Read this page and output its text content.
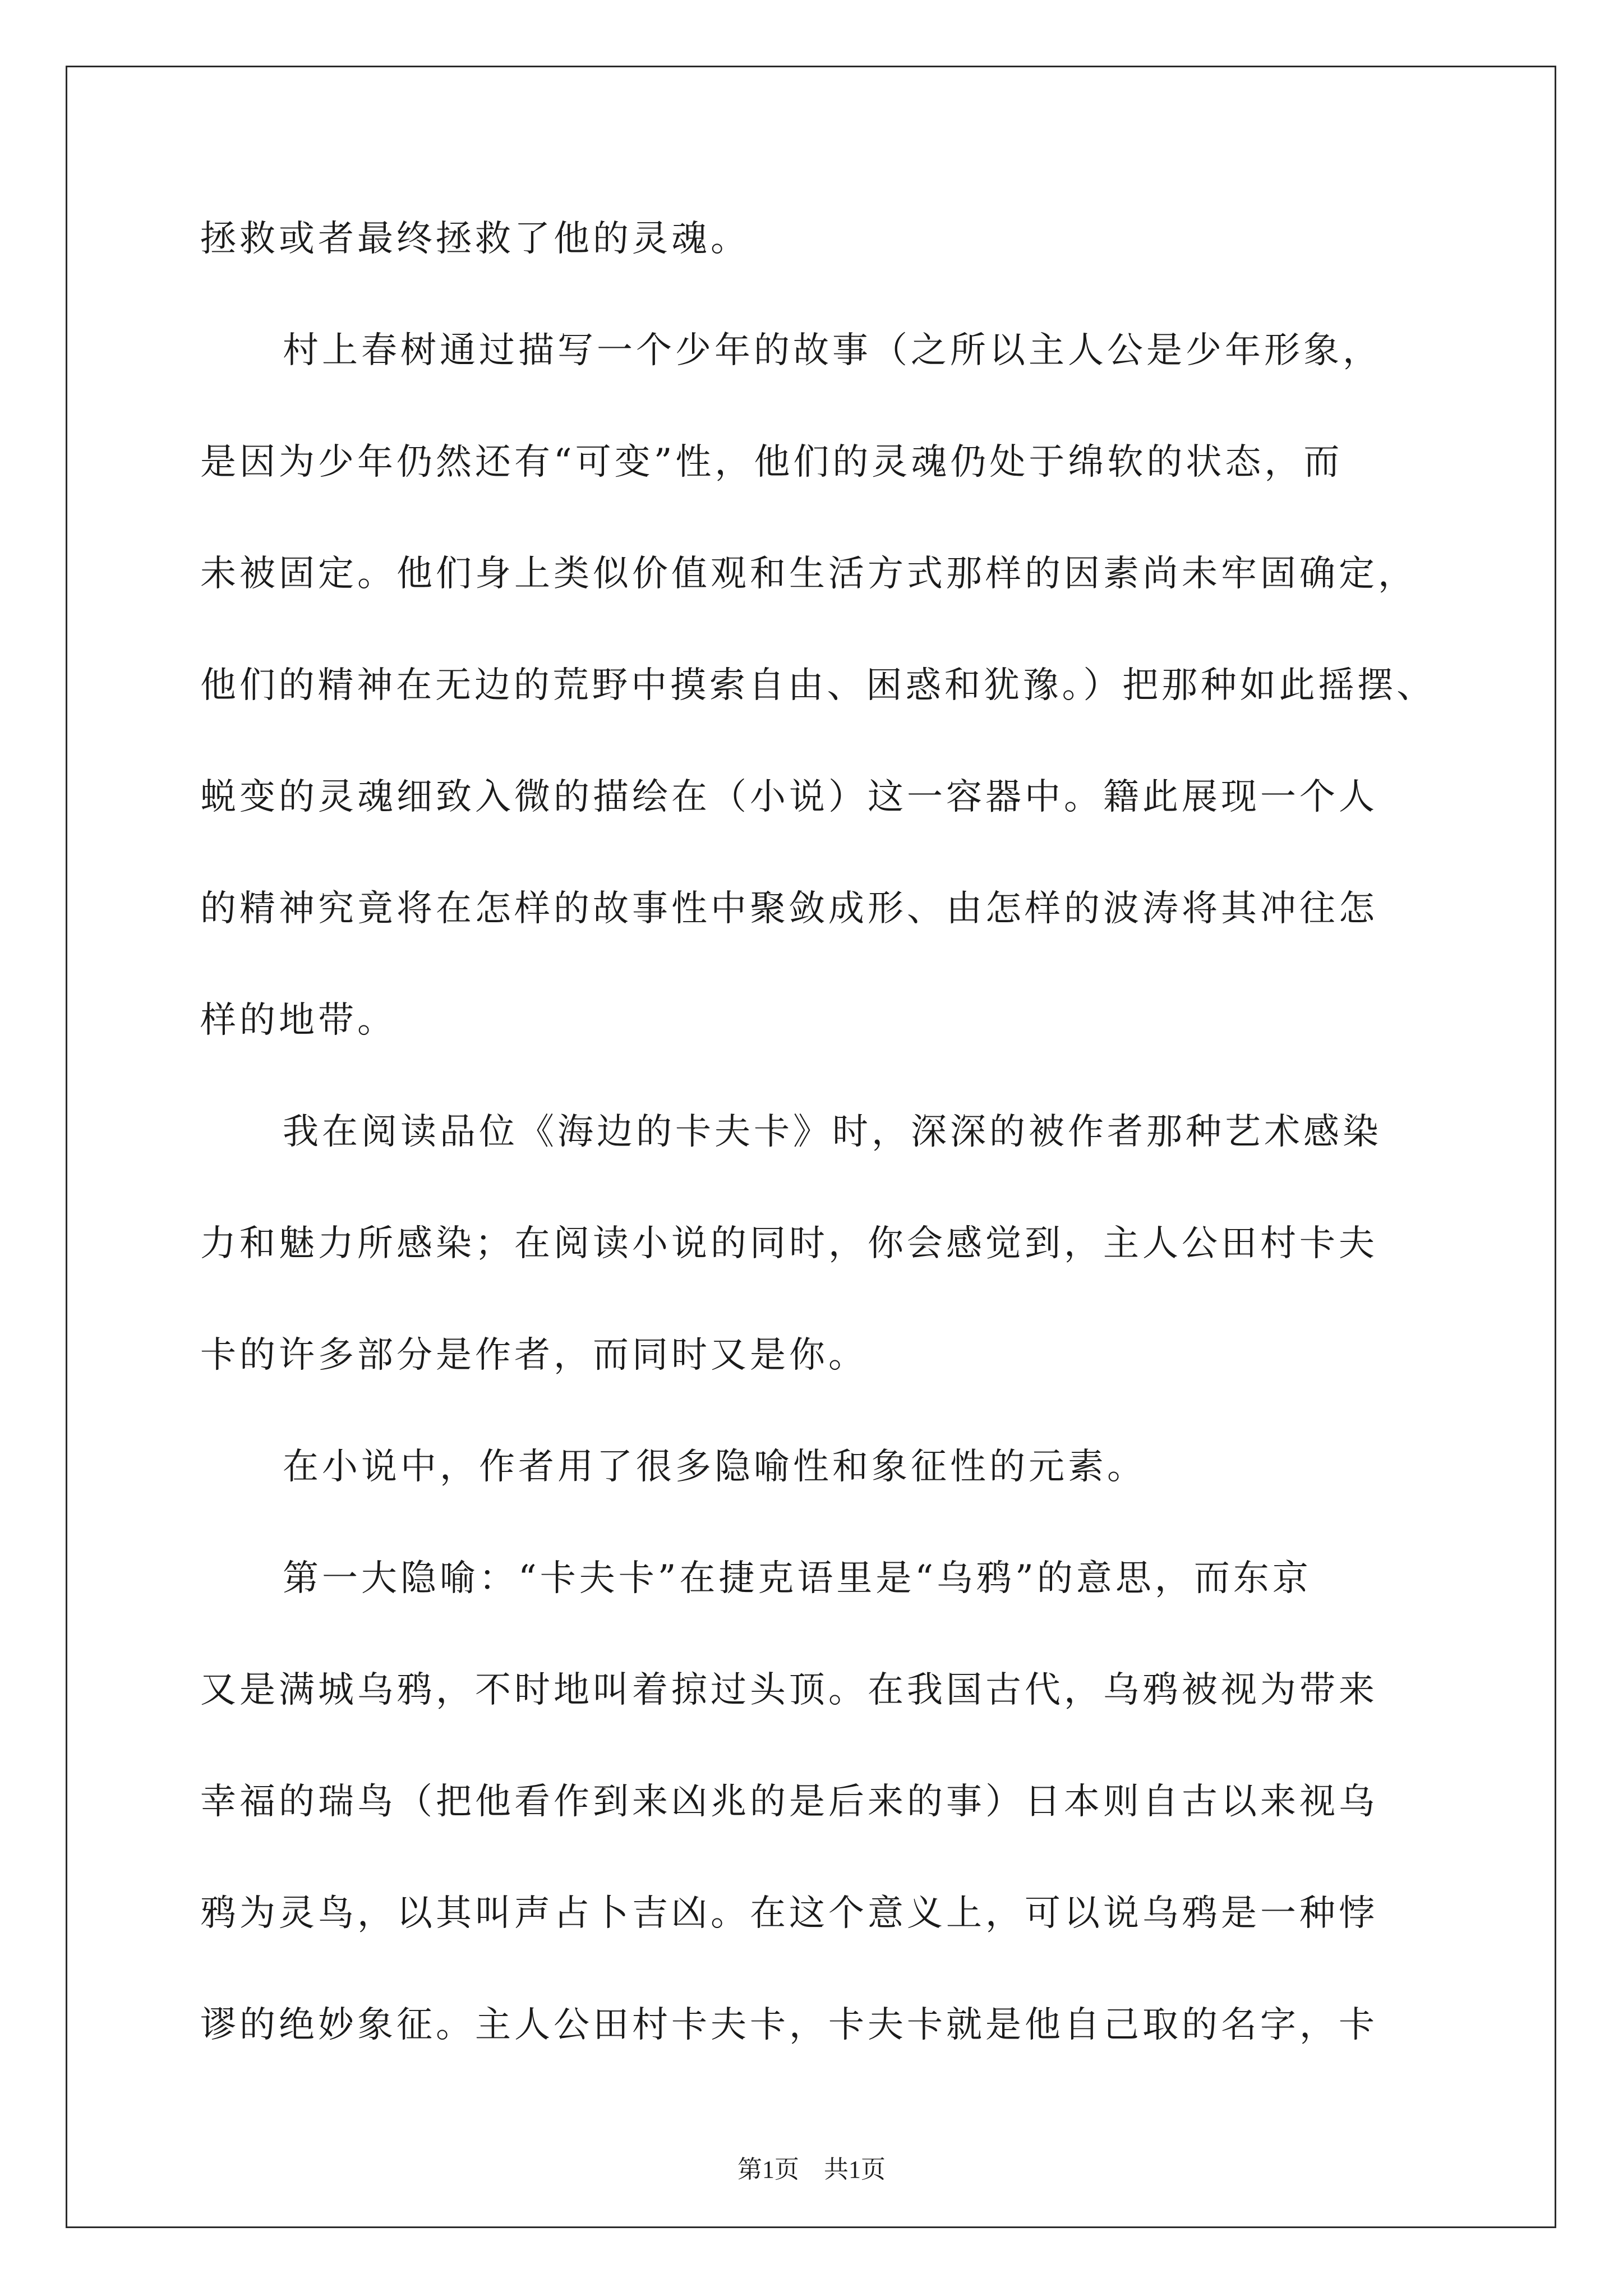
拯救或者最终拯救了他的灵魂。
村上春树通过描写一个少年的故事（之所以主人公是少年形象，
是因为少年仍然还有“可变”性，他们的灵魂仍处于绵软的状态，而
未被固定。他们身上类似价值观和生活方式那样的因素尚未牢固确定，
他们的精神在无边的荒野中摸索自由、困惑和犹豫。）把那种如此摇摆、
蜕变的灵魂细致入微的描绘在（小说）这一容器中。籍此展现一个人
的精神究竟将在怎样的故事性中聚敛成形、由怎样的波涛将其冲往怎
样的地带。
我在阅读品位《海边的卡夫卡》时，深深的被作者那种艺术感染
力和魅力所感染；在阅读小说的同时，你会感觉到，主人公田村卡夫
卡的许多部分是作者，而同时又是你。
在小说中，作者用了很多隐喻性和象征性的元素。
第一大隐喻：“卡夫卡”在捷克语里是“乌鸦”的意思，而东京
又是满城乌鸦，不时地叫着掠过头顶。在我国古代，乌鸦被视为带来
幸福的瑞鸟（把他看作到来凶兆的是后来的事）日本则自古以来视乌
鸦为灵鸟，以其叫声占卜吉凶。在这个意义上，可以说乌鸦是一种悖
谬的绝妙象征。主人公田村卡夫卡，卡夫卡就是他自己取的名字，卡
第1页　共1页
